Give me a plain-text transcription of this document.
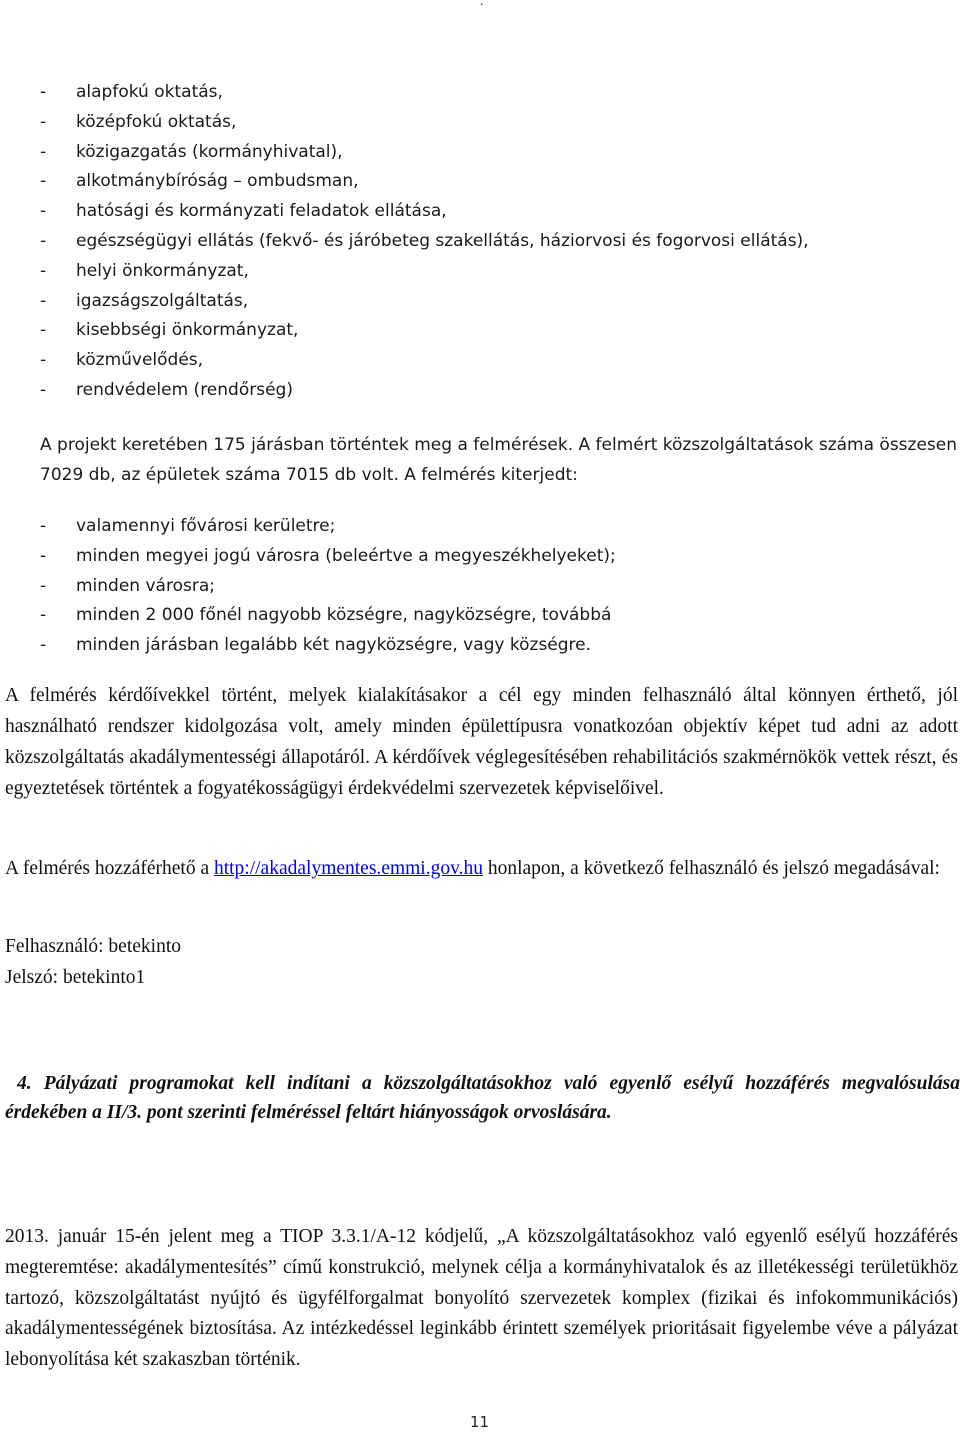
.
- alapfokú oktatás,
- középfokú oktatás,
- közigazgatás (kormányhivatal),
- alkotmánybíróság – ombudsman,
- hatósági és kormányzati feladatok ellátása,
- egészségügyi ellátás (fekvő- és járóbeteg szakellátás, háziorvosi és fogorvosi ellátás),
- helyi önkormányzat,
- igazságszolgáltatás,
- kisebbségi önkormányzat,
- közművelődés,
- rendvédelem (rendőrség)

A projekt keretében 175 járásban történtek meg a felmérések. A felmért közszolgáltatások száma összesen 7029 db, az épületek száma 7015 db volt. A felmérés kiterjedt:

- valamennyi fővárosi kerületre;
- minden megyei jogú városra (beleértve a megyeszékhelyeket);
- minden városra;
- minden 2 000 főnél nagyobb községre, nagyközségre, továbbá
- minden járásban legalább két nagyközségre, vagy községre.

A felmérés kérdőívekkel történt, melyek kialakításakor a cél egy minden felhasználó által könnyen érthető, jól használható rendszer kidolgozása volt, amely minden épülettípusra vonatkozóan objektív képet tud adni az adott közszolgáltatás akadálymentességi állapotáról. A kérdőívek véglegesítésében rehabilitációs szakmérnökök vettek részt, és egyeztetések történtek a fogyatékosságügyi érdekvédelmi szervezetek képviselőivel.

A felmérés hozzáférhető a http://akadalymentes.emmi.gov.hu honlapon, a következő felhasználó és jelszó megadásával:

Felhasználó: betekinto
Jelszó: betekinto1

4. Pályázati programokat kell indítani a közszolgáltatásokhoz való egyenlő esélyű hozzáférés megvalósulása érdekében a II/3. pont szerinti felméréssel feltárt hiányosságok orvoslására.

2013. január 15-én jelent meg a TIOP 3.3.1/A-12 kódjelű, „A közszolgáltatásokhoz való egyenlő esélyű hozzáférés megteremtése: akadálymentesítés” című konstrukció, melynek célja a kormányhivatalok és az illetékességi területükhöz tartozó, közszolgáltatást nyújtó és ügyfélforgalmat bonyolító szervezetek komplex (fizikai és infokommunikációs) akadálymentességének biztosítása. Az intézkedéssel leginkább érintett személyek prioritásait figyelembe véve a pályázat lebonyolítása két szakaszban történik.

11
